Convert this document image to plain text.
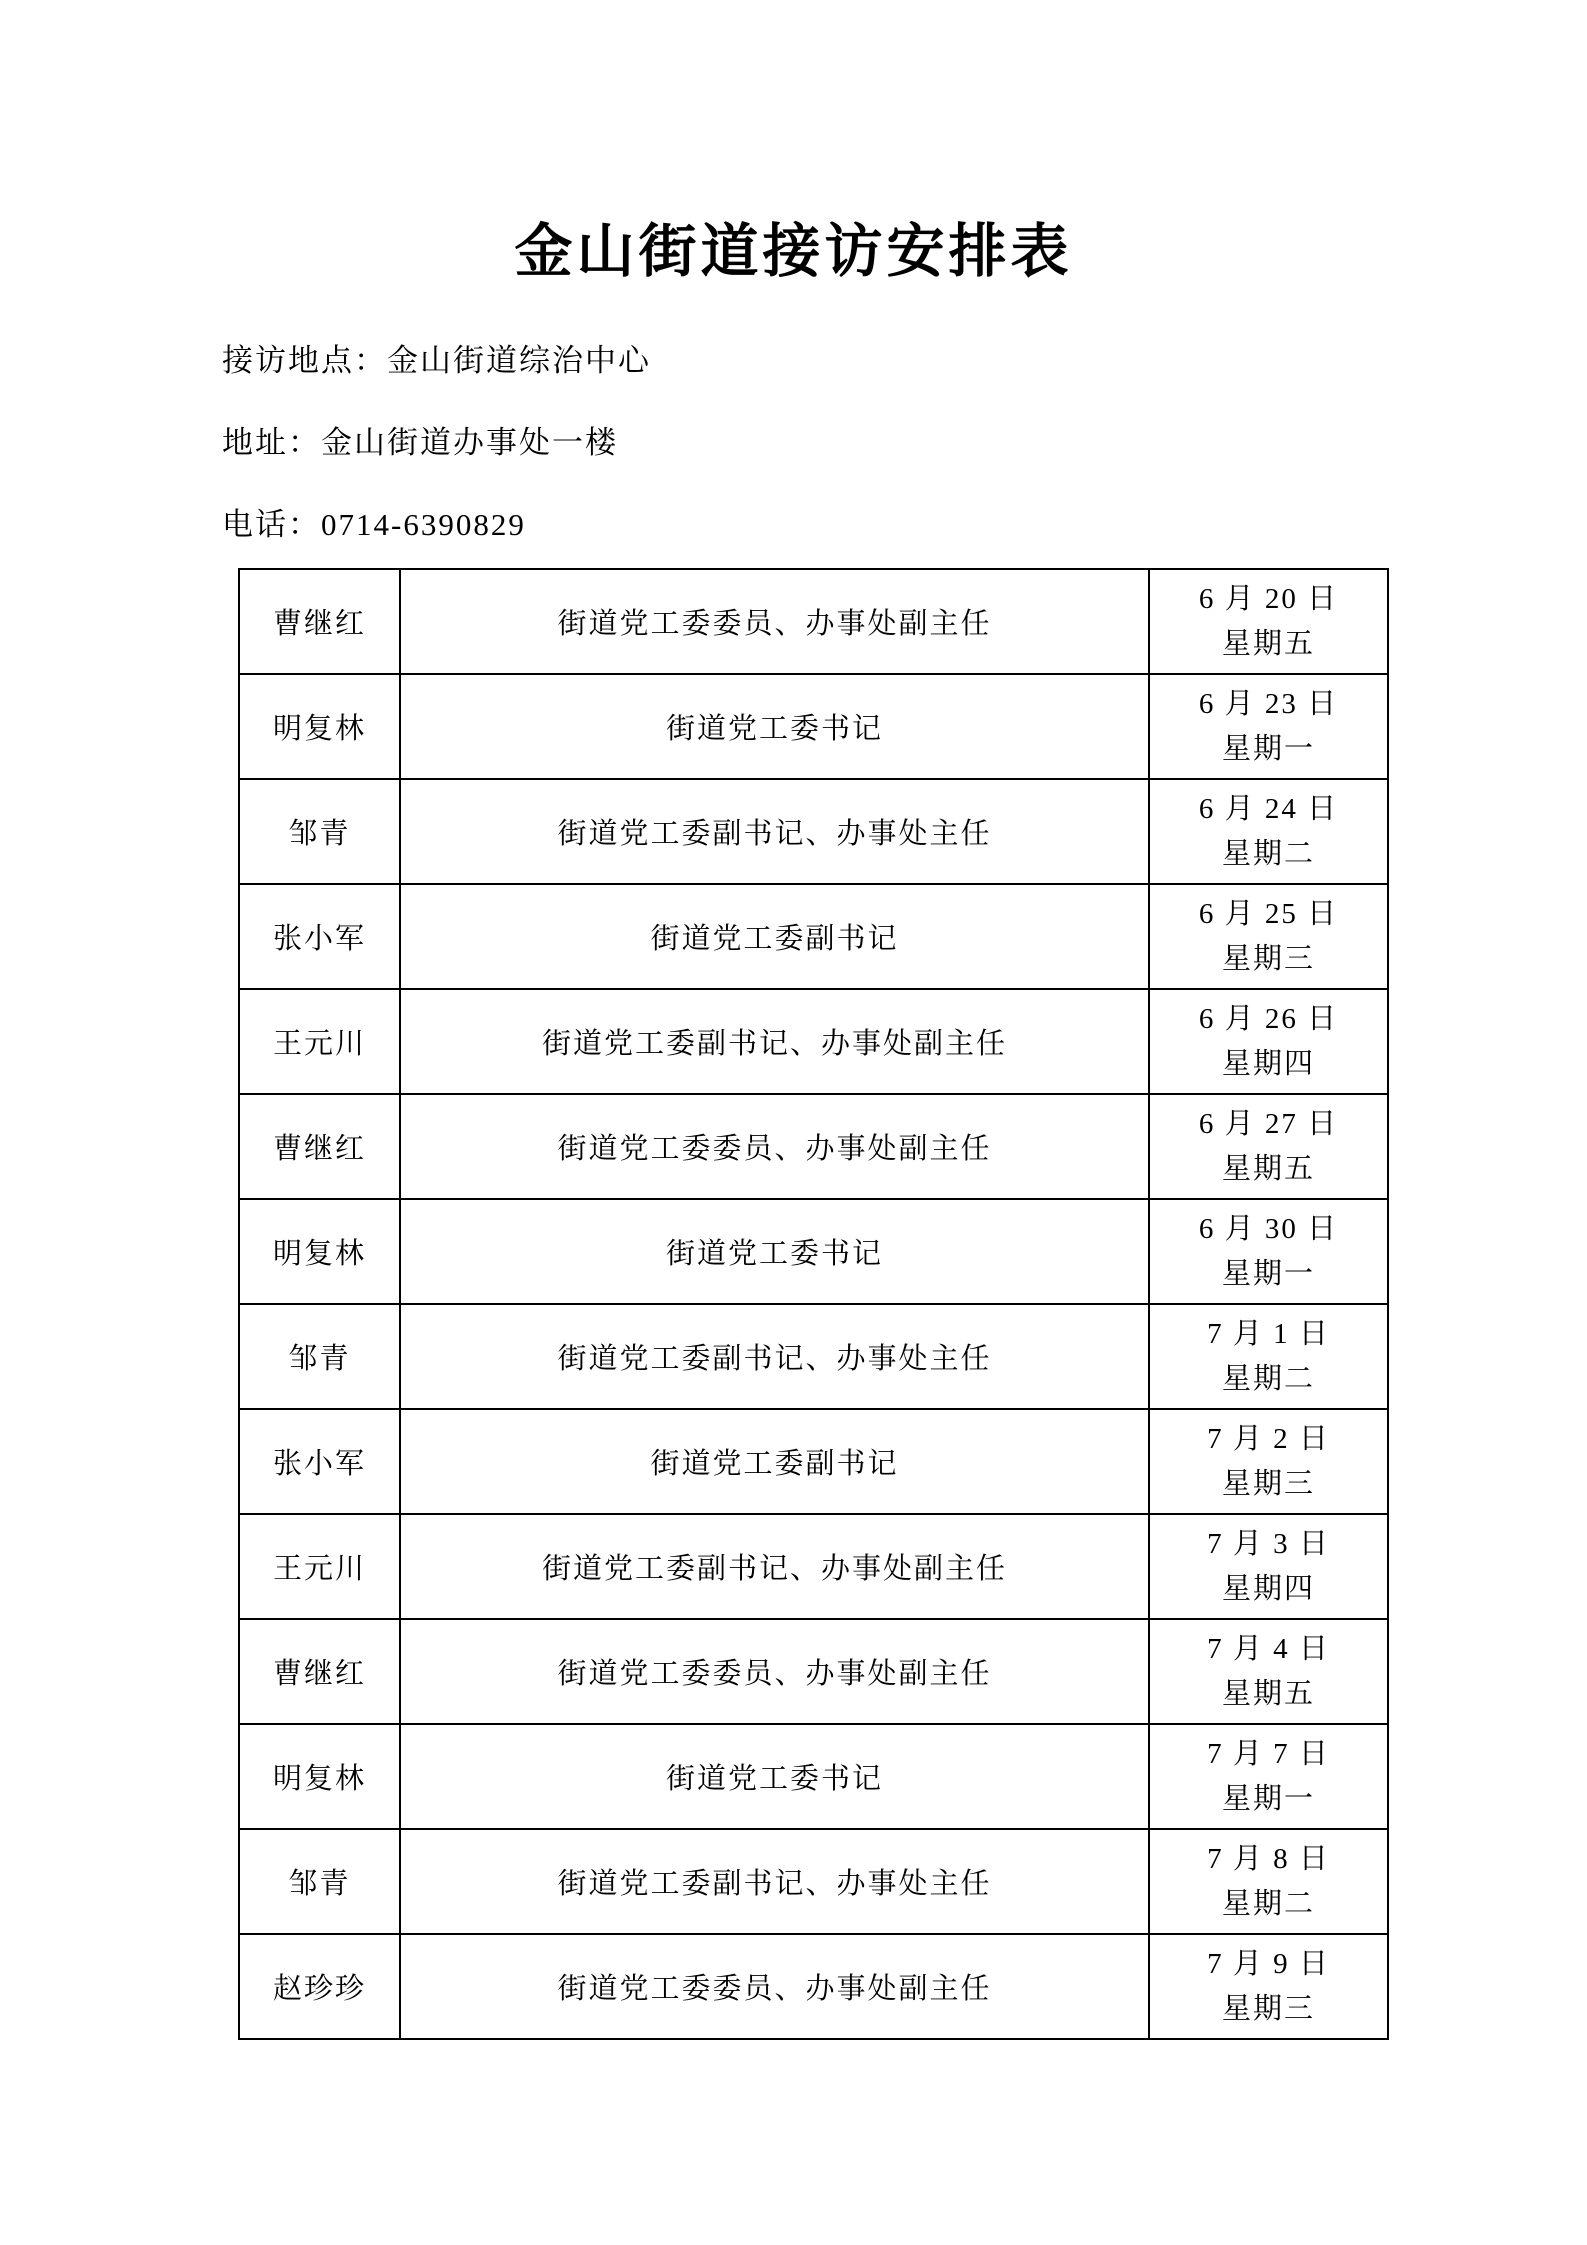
金山街道接访安排表
接访地点：金山街道综治中心
地址：金山街道办事处一楼
电话：0714-6390829
曹继红	街道党工委委员、办事处副主任	6 月 20 日
星期五

明复林	街道党工委书记	6 月 23 日
星期一

邹青	街道党工委副书记、办事处主任	6 月 24 日
星期二

张小军	街道党工委副书记	6 月 25 日
星期三

王元川	街道党工委副书记、办事处副主任	6 月 26 日
星期四

曹继红	街道党工委委员、办事处副主任	6 月 27 日
星期五

明复林	街道党工委书记	6 月 30 日
星期一

邹青	街道党工委副书记、办事处主任	7 月 1 日
星期二

张小军	街道党工委副书记	7 月 2 日
星期三

王元川	街道党工委副书记、办事处副主任	7 月 3 日
星期四

曹继红	街道党工委委员、办事处副主任	7 月 4 日
星期五

明复林	街道党工委书记	7 月 7 日
星期一

邹青	街道党工委副书记、办事处主任	7 月 8 日
星期二

赵珍珍	街道党工委委员、办事处副主任	7 月 9 日
星期三
